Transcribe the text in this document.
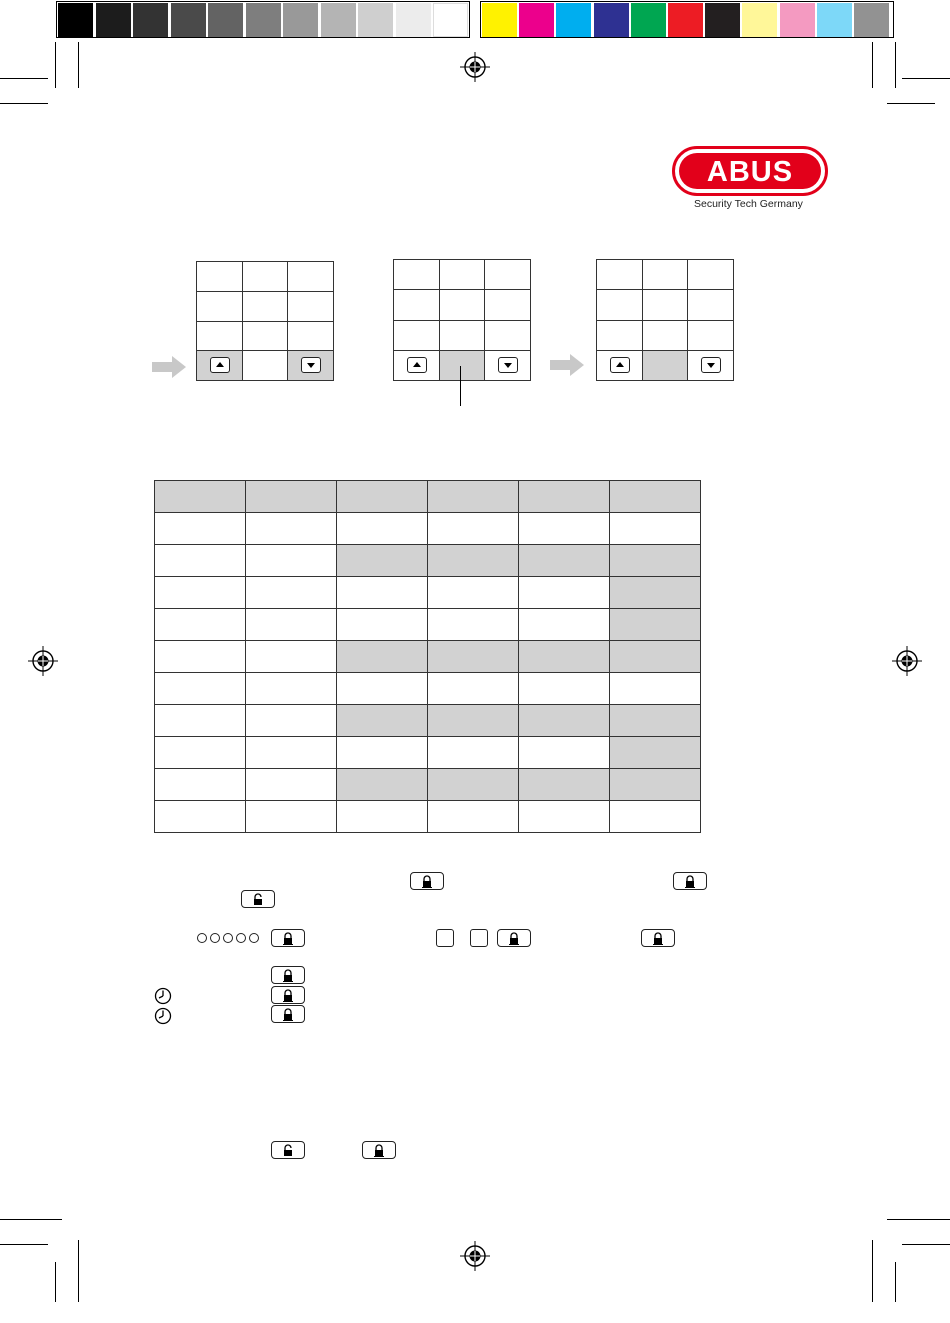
ABUS
Security Tech Germany
